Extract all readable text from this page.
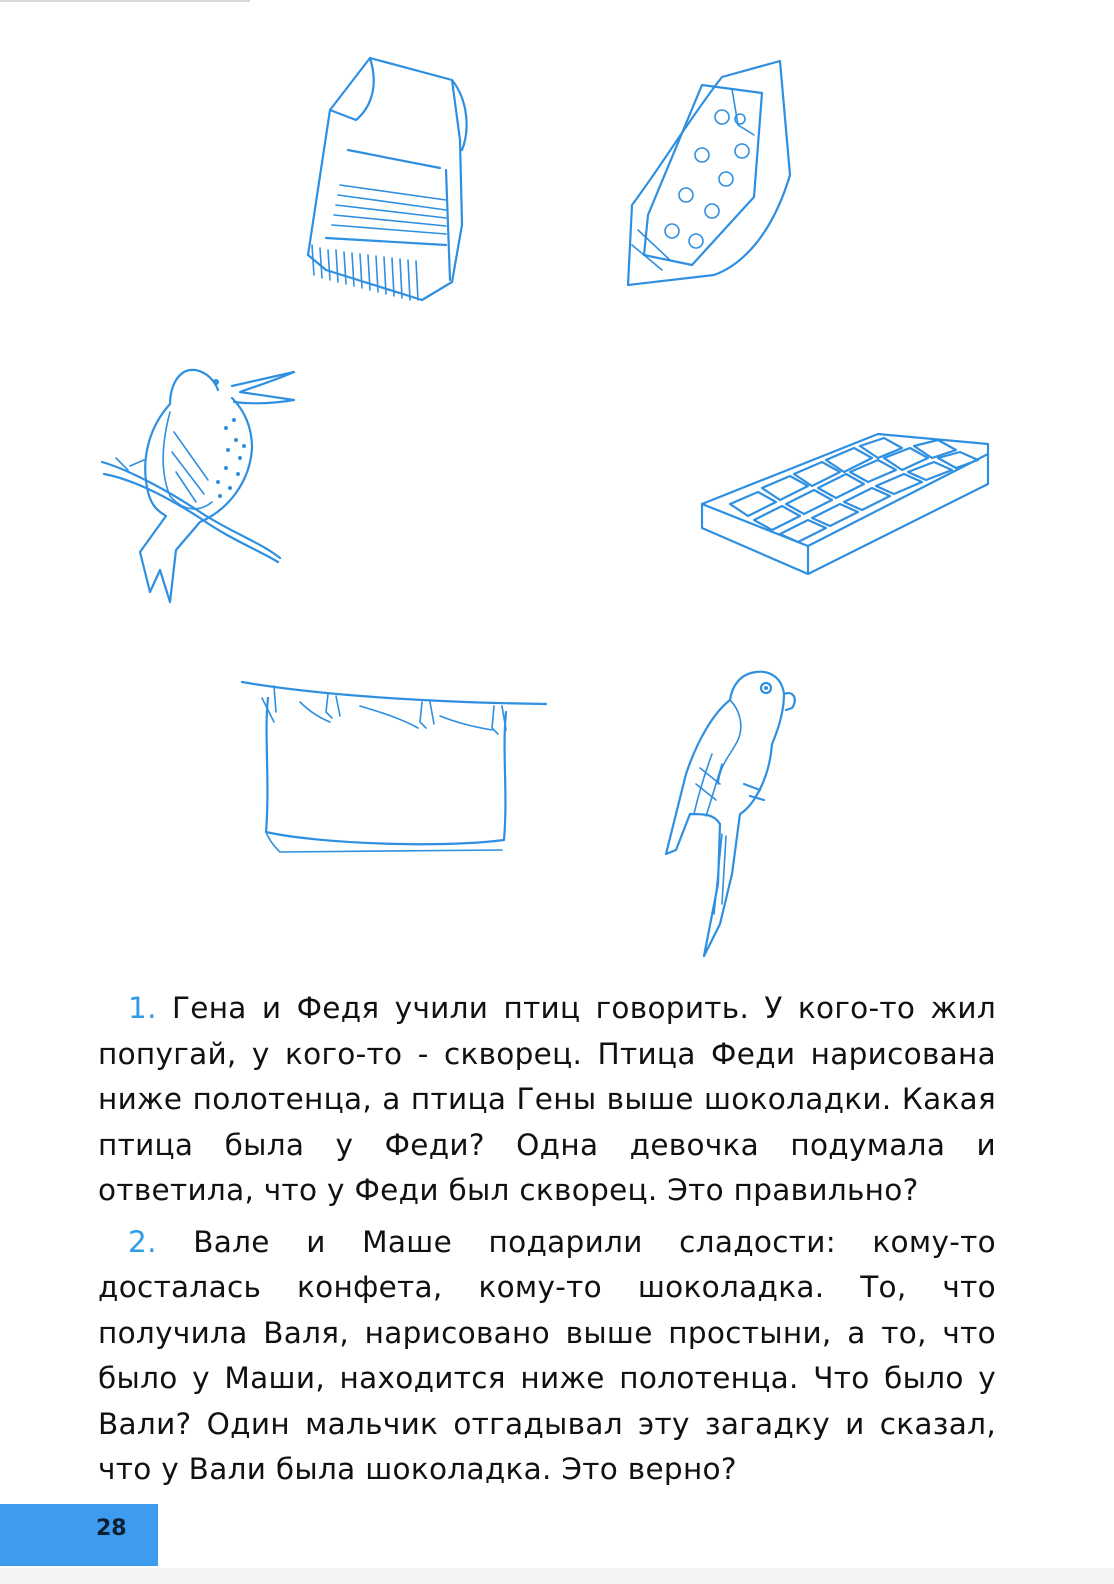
1. Гена и Федя учили птиц говорить. У кого-то жил попугай, у кого-то - скворец. Птица Феди нарисована ниже полотенца, а птица Гены выше шоколадки. Какая птица была у Феди? Одна девочка подумала и ответила, что у Феди был скворец. Это правильно?

2. Вале и Маше подарили сладости: кому-то досталась конфета, кому-то шоколадка. То, что получила Валя, нарисовано выше простыни, а то, что было у Маши, находится ниже полотенца. Что было у Вали? Один мальчик отгадывал эту загадку и сказал, что у Вали была шоколадка. Это верно?

28
